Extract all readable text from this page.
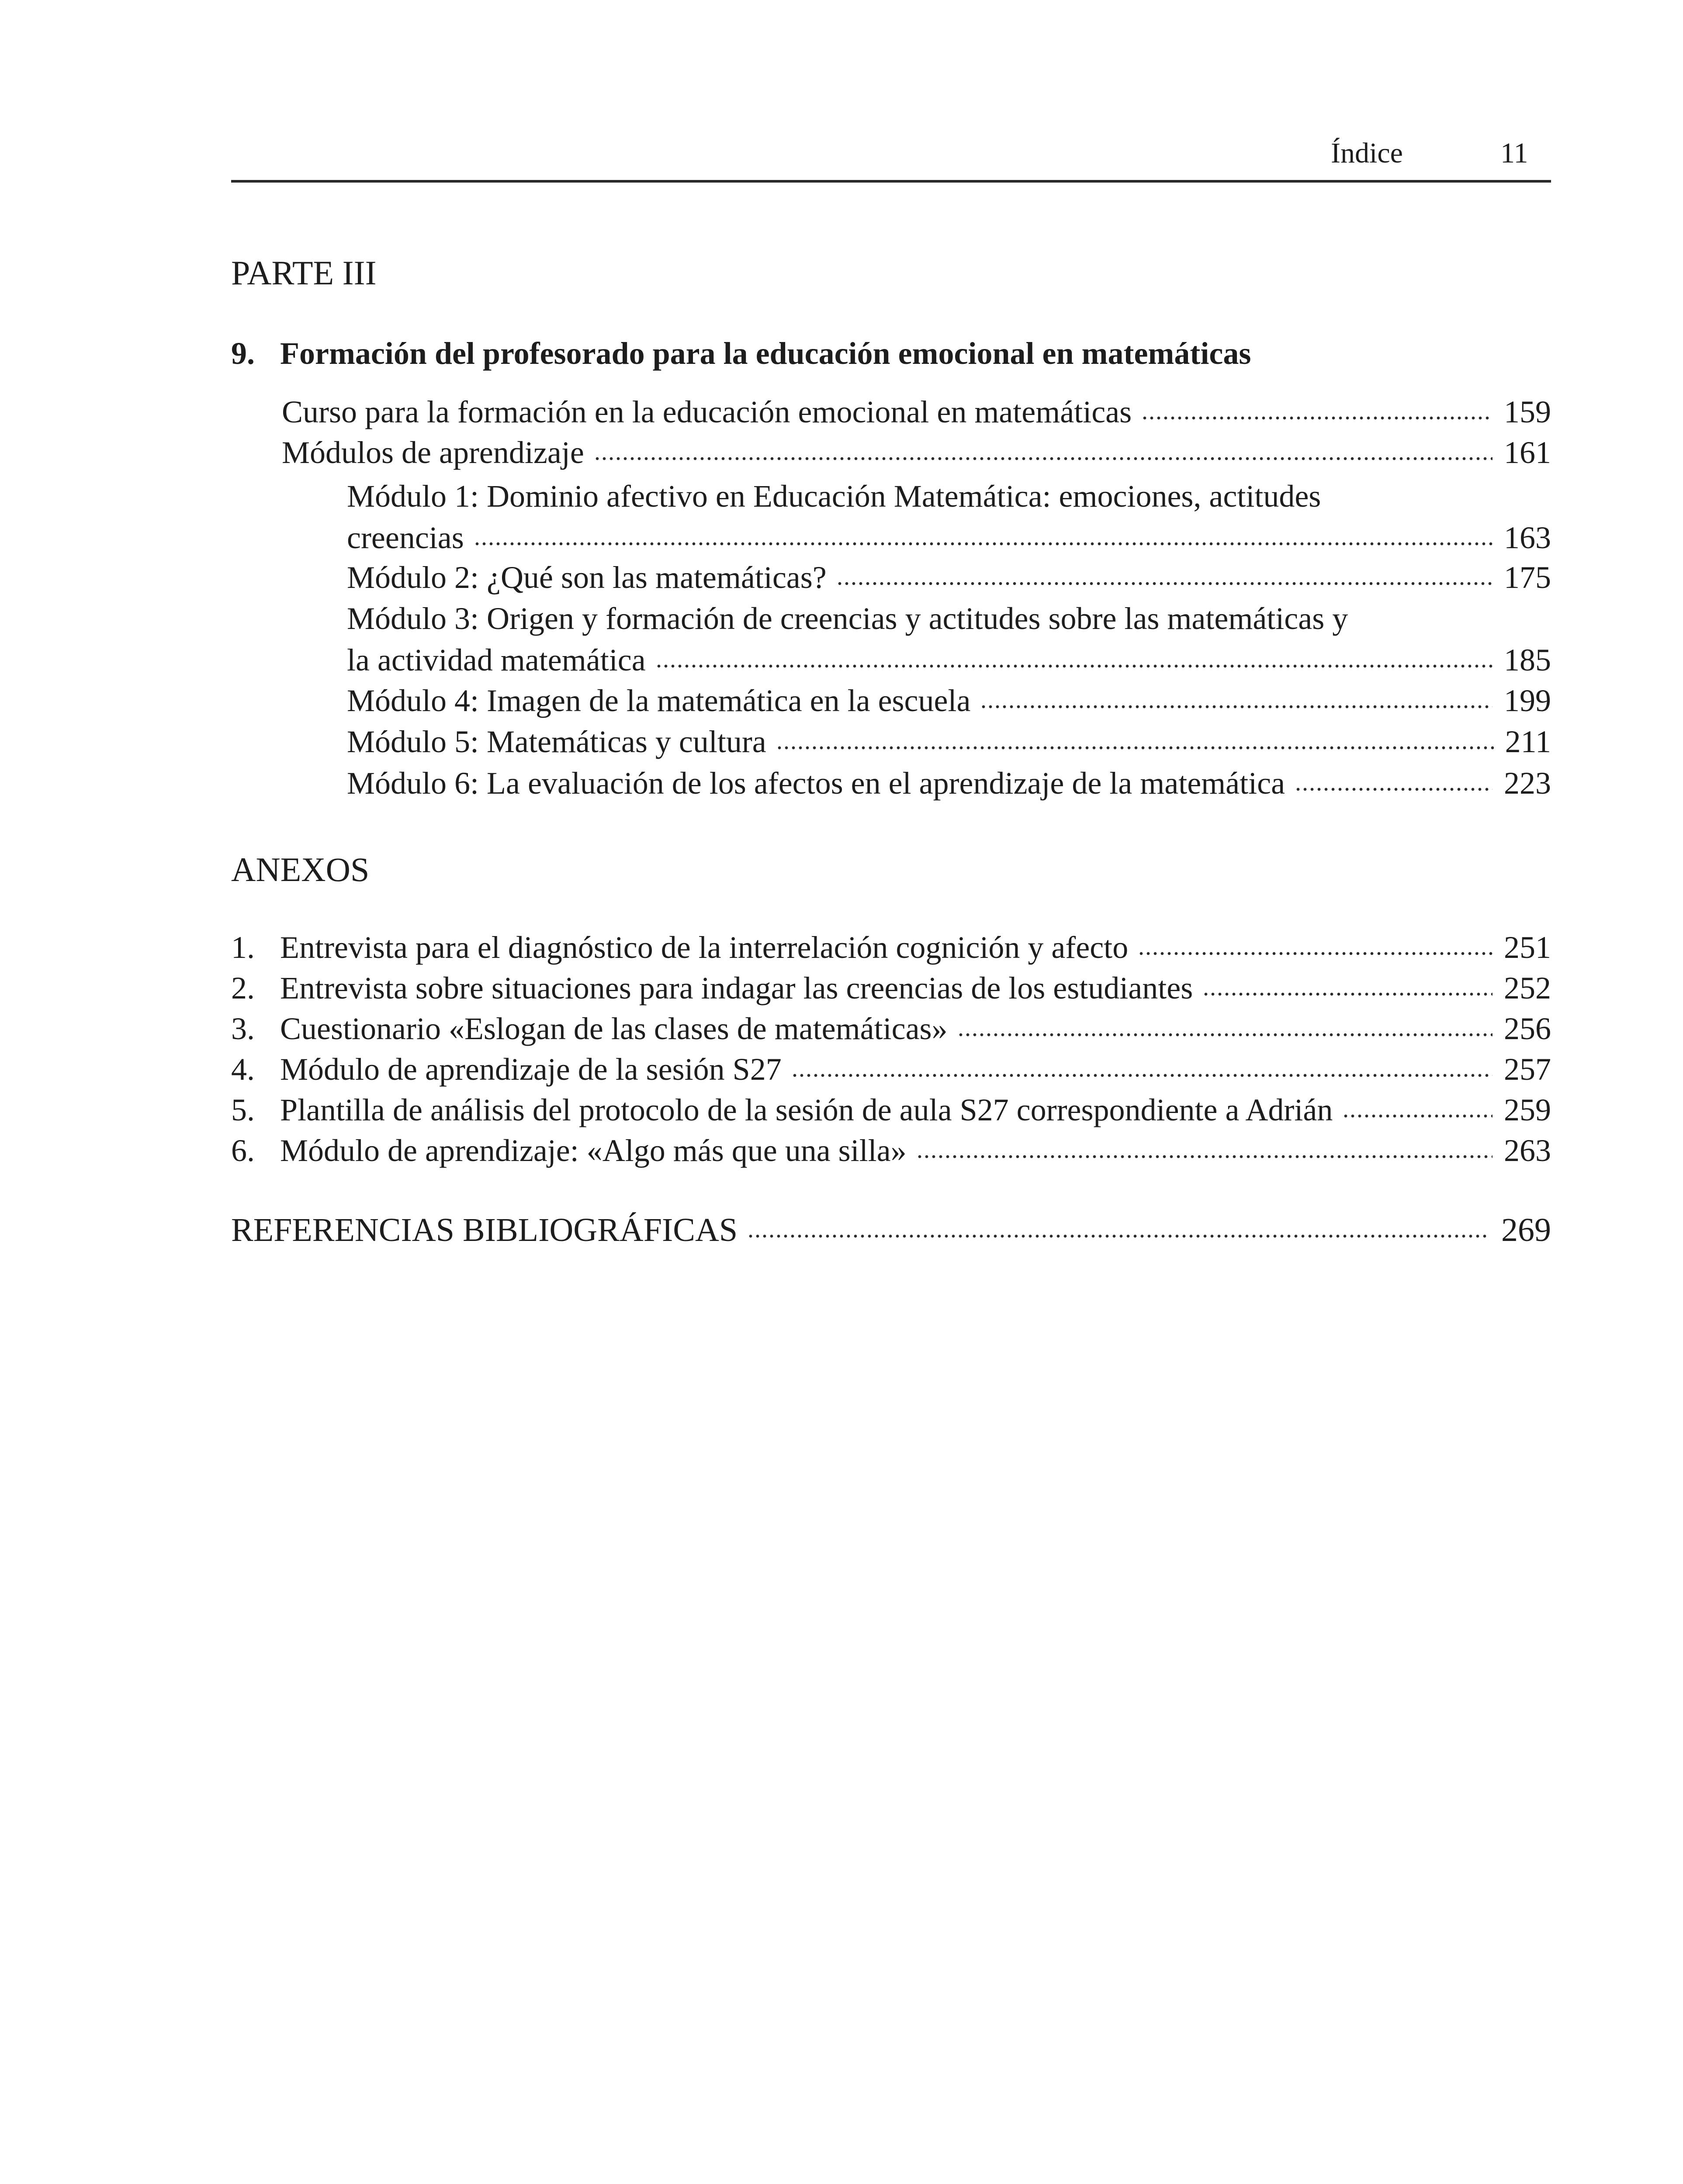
Índice	11
PARTE III
9. Formación del profesorado para la educación emocional en matemáticas
Curso para la formación en la educación emocional en matemáticas	159
Módulos de aprendizaje	161
Módulo 1: Dominio afectivo en Educación Matemática: emociones, actitudes
creencias	163
Módulo 2: ¿Qué son las matemáticas?	175
Módulo 3: Origen y formación de creencias y actitudes sobre las matemáticas y
la actividad matemática	185
Módulo 4: Imagen de la matemática en la escuela	199
Módulo 5: Matemáticas y cultura	211
Módulo 6: La evaluación de los afectos en el aprendizaje de la matemática	223
ANEXOS
1. Entrevista para el diagnóstico de la interrelación cognición y afecto	251
2. Entrevista sobre situaciones para indagar las creencias de los estudiantes	252
3. Cuestionario «Eslogan de las clases de matemáticas»	256
4. Módulo de aprendizaje de la sesión S27	257
5. Plantilla de análisis del protocolo de la sesión de aula S27 correspondiente a Adrián	259
6. Módulo de aprendizaje: «Algo más que una silla»	263
REFERENCIAS BIBLIOGRÁFICAS	269
